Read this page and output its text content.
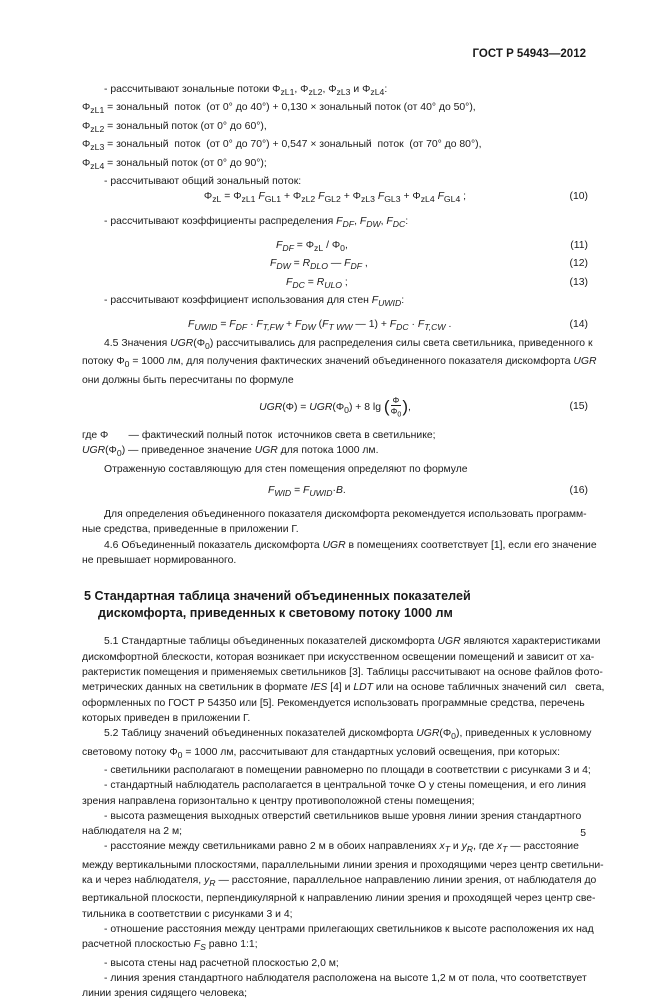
ГОСТ Р 54943—2012
- рассчитывают зональные потоки $\Phi_{zL1}$, $\Phi_{zL2}$, $\Phi_{zL3}$ и $\Phi_{zL4}$:
$\Phi_{zL1}$ = зональный  поток  (от 0° до 40°) + 0,130 × зональный поток (от 40° до 50°),
$\Phi_{zL2}$ = зональный поток (от 0° до 60°),
$\Phi_{zL3}$ = зональный  поток  (от 0° до 70°) + 0,547 × зональный  поток  (от 70° до 80°),
$\Phi_{zL4}$ = зональный поток (от 0° до 90°);
- рассчитывают общий зональный поток:
$\Phi_{zL} = \Phi_{zL1}$ $F_{GL1} + \Phi_{zL2}$ $F_{GL2} + \Phi_{zL3}$ $F_{GL3} + \Phi_{zL4}$ $F_{GL4}$ ;	(10)
- рассчитывают коэффициенты распределения $F_{DF}$, $F_{DW}$, $F_{DC}$:
$F_{DF} = \Phi_{zL} / \Phi_0$,	(11)
$F_{DW} = R_{DLO}$ — $F_{DF}$ ,	(12)
$F_{DC} = R_{ULO}$ ;	(13)
- рассчитывают коэффициент использования для стен $F_{UWID}$:
$F_{UWID} = F_{DF} \cdot F_{T,FW} + F_{DW}$ ($F_{T WW}$ — $1) + F_{DC} \cdot F_{T,CW}$ .	(14)
4.5 Значения $UGR(\Phi_0)$ рассчитывались для распределения силы света светильника, приведенного к
потоку $\Phi_0 = 1000$ лм, для получения фактических значений объединенного показателя дискомфорта UGR
они должны быть пересчитаны по формуле
$UGR(\Phi) = UGR(\Phi_0) + 8$ lg ( $\frac{\Phi}{\Phi_0}$ ),	(15)
где Φ       — фактический полный поток  источников света в светильнике;
$UGR(\Phi_0)$ — приведенное значение UGR для потока 1000 лм.
Отраженную составляющую для стен помещения определяют по формуле
$F_{WID} = F_{UWID}\cdot B$.	(16)
Для определения объединенного показателя дискомфорта рекомендуется использовать программ-
ные средства, приведенные в приложении Г.
4.6 Объединенный показатель дискомфорта UGR в помещениях соответствует [1], если его значение
не превышает нормированного.
5 Стандартная таблица значений объединенных показателей
дискомфорта, приведенных к световому потоку 1000 лм
5.1 Стандартные таблицы объединенных показателей дискомфорта UGR являются характеристиками
дискомфортной блескости, которая возникает при искусственном освещении помещений и зависит от ха-
рактеристик помещения и применяемых светильников [3]. Таблицы рассчитывают на основе файлов фото-
метрических данных на светильник в формате IES [4] и LDT или на основе табличных значений сил   света,
оформленных по ГОСТ Р 54350 или [5]. Рекомендуется использовать программные средства, перечень
которых приведен в приложении Г.
5.2 Таблицу значений объединенных показателей дискомфорта $UGR(\Phi_0)$, приведенных к условному
световому потоку $\Phi_0 = 1000$ лм, рассчитывают для стандартных условий освещения, при которых:
- светильники располагают в помещении равномерно по площади в соответствии с рисунками 3 и 4;
- стандартный наблюдатель располагается в центральной точке О у стены помещения, и его линия
зрения направлена горизонтально к центру противоположной стены помещения;
- высота размещения выходных отверстий светильников выше уровня линии зрения стандартного
наблюдателя на 2 м;
- расстояние между светильниками равно 2 м в обоих направлениях $x_T$ и $y_R$, где $x_T$ — расстояние
между вертикальными плоскостями, параллельными линии зрения и проходящими через центр светильни-
ка и через наблюдателя, $y_R$ — расстояние, параллельное направлению линии зрения, от наблюдателя до
вертикальной плоскости, перпендикулярной к направлению линии зрения и проходящей через центр све-
тильника в соответствии с рисунками 3 и 4;
- отношение расстояния между центрами прилегающих светильников к высоте расположения их над
расчетной плоскостью $F_S$ равно 1:1;
- высота стены над расчетной плоскостью 2,0 м;
- линия зрения стандартного наблюдателя расположена на высоте 1,2 м от пола, что соответствует
линии зрения сидящего человека;
5
